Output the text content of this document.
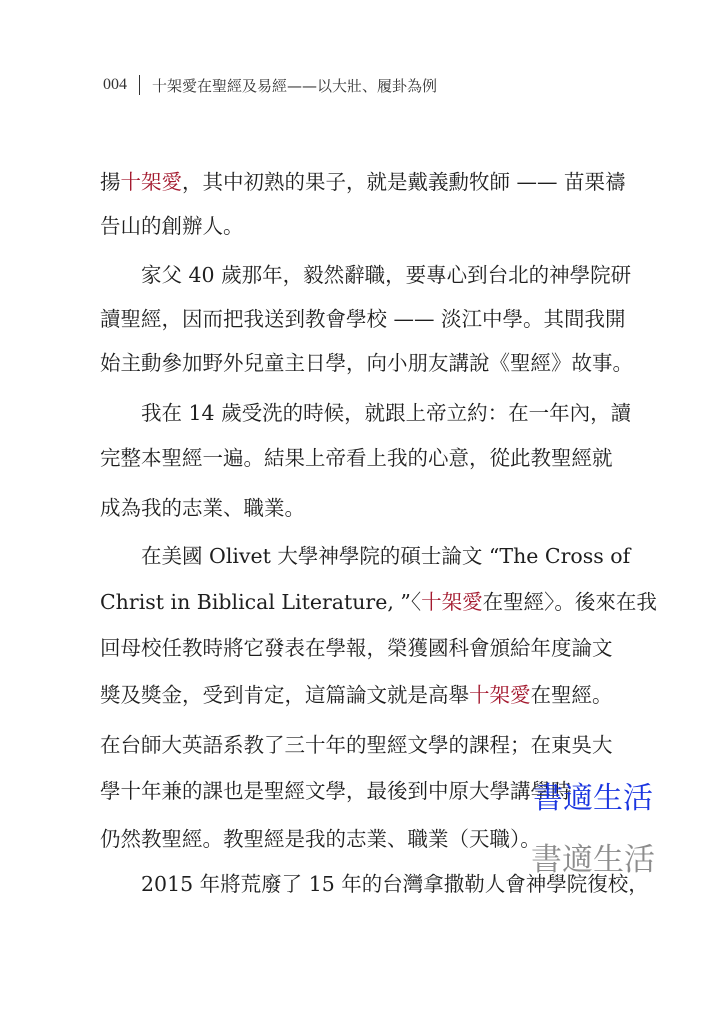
004 十架愛在聖經及易經——以大壯、履卦為例
揚十架愛，其中初熟的果子，就是戴義勳牧師 —— 苗栗禱
告山的創辦人。
　　家父 40 歲那年，毅然辭職，要專心到台北的神學院研
讀聖經，因而把我送到教會學校 —— 淡江中學。其間我開
始主動參加野外兒童主日學，向小朋友講說《聖經》故事。
　　我在 14 歲受洗的時候，就跟上帝立約：在一年內，讀
完整本聖經一遍。結果上帝看上我的心意，從此教聖經就
成為我的志業、職業。
　　在美國 Olivet 大學神學院的碩士論文 “The Cross of
Christ in Biblical Literature, ”〈十架愛在聖經〉。後來在我
回母校任教時將它發表在學報，榮獲國科會頒給年度論文
獎及獎金，受到肯定，這篇論文就是高舉十架愛在聖經。
在台師大英語系教了三十年的聖經文學的課程；在東吳大
學十年兼的課也是聖經文學，最後到中原大學講學時
仍然教聖經。教聖經是我的志業、職業（天職）。
　　2015 年將荒廢了 15 年的台灣拿撒勒人會神學院復校，
書適生活
書適生活
